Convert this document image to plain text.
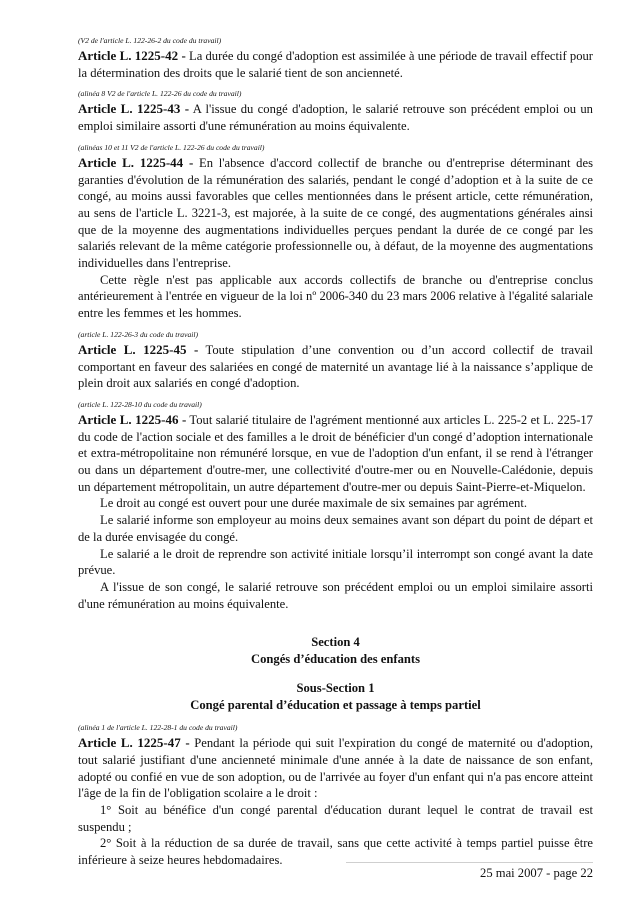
(V2 de l'article L. 122-26-2 du code du travail)

Article L. 1225-42 - La durée du congé d'adoption est assimilée à une période de travail effectif pour la détermination des droits que le salarié tient de son ancienneté.

(alinéa 8 V2 de l'article L. 122-26 du code du travail)

Article L. 1225-43 - A l'issue du congé d'adoption, le salarié retrouve son précédent emploi ou un emploi similaire assorti d'une rémunération au moins équivalente.

(alinéas 10 et 11 V2 de l'article L. 122-26 du code du travail)

Article L. 1225-44 - En l'absence d'accord collectif de branche ou d'entreprise déterminant des garanties d'évolution de la rémunération des salariés, pendant le congé d’adoption et à la suite de ce congé, au moins aussi favorables que celles mentionnées dans le présent article, cette rémunération, au sens de l'article L. 3221-3, est majorée, à la suite de ce congé, des augmentations générales ainsi que de la moyenne des augmentations individuelles perçues pendant la durée de ce congé par les salariés relevant de la même catégorie professionnelle ou, à défaut, de la moyenne des augmentations individuelles dans l'entreprise.

Cette règle n'est pas applicable aux accords collectifs de branche ou d'entreprise conclus antérieurement à l'entrée en vigueur de la loi nº 2006-340 du 23 mars 2006 relative à l'égalité salariale entre les femmes et les hommes.

(article L. 122-26-3 du code du travail)

Article L. 1225-45 - Toute stipulation d’une convention ou d’un accord collectif de travail comportant en faveur des salariées en congé de maternité un avantage lié à la naissance s’applique de plein droit aux salariés en congé d'adoption.

(article L. 122-28-10 du code du travail)

Article L. 1225-46 - Tout salarié titulaire de l'agrément mentionné aux articles L. 225-2 et L. 225-17 du code de l'action sociale et des familles a le droit de bénéficier d'un congé d’adoption internationale et extra-métropolitaine non rémunéré lorsque, en vue de l'adoption d'un enfant, il se rend à l'étranger ou dans un département d'outre-mer, une collectivité d'outre-mer ou en Nouvelle-Calédonie, depuis un département métropolitain, un autre département d'outre-mer ou depuis Saint-Pierre-et-Miquelon.

Le droit au congé est ouvert pour une durée maximale de six semaines par agrément.

Le salarié informe son employeur au moins deux semaines avant son départ du point de départ et de la durée envisagée du congé.

Le salarié a le droit de reprendre son activité initiale lorsqu’il interrompt son congé avant la date prévue.

A l'issue de son congé, le salarié retrouve son précédent emploi ou un emploi similaire assorti d'une rémunération au moins équivalente.

Section 4

Congés d’éducation des enfants

Sous-Section 1

Congé parental d’éducation et passage à temps partiel

(alinéa 1 de l'article L. 122-28-1 du code du travail)

Article L. 1225-47 - Pendant la période qui suit l'expiration du congé de maternité ou d'adoption, tout salarié justifiant d'une ancienneté minimale d'une année à la date de naissance de son enfant, adopté ou confié en vue de son adoption, ou de l'arrivée au foyer d'un enfant qui n'a pas encore atteint l'âge de la fin de l'obligation scolaire a le droit :

1° Soit au bénéfice d'un congé parental d'éducation durant lequel le contrat de travail est suspendu ;

2° Soit à la réduction de sa durée de travail, sans que cette activité à temps partiel puisse être inférieure à seize heures hebdomadaires.

25 mai 2007 - page 22
